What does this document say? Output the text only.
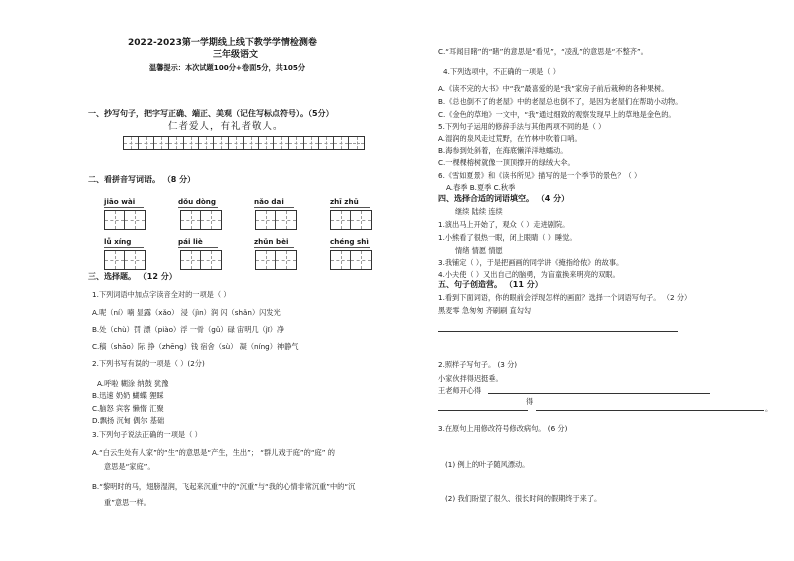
2022-2023第一学期线上线下教学学情检测卷
三年级语文
温馨提示：本次试题100分+卷面5分，共105分
一、抄写句子，把字写正确、端正、美观（记住写标点符号）。（5分）
仁者爱人，有礼者敬人。
二、看拼音写词语。 （8 分）
jiāo wài	dǒu dòng	nǎo dai	zhī zhū
lǚ xíng	pái liè	zhǔn bèi	chéng shì
三、选择题。 （12 分）
1.下列词语中加点字读音全对的一项是（ ）
A.呢（ní）喃 显露（xǎo） 浸（jìn）润 闪（shǎn）闪发光
B.处（chù）罚 漂（piào）浮 一骨（gǔ）碌 宙明几（jī）净
C.稿（shāo）际 挣（zhēng）钱 宿舍（sù） 凝（níng）神静气
2.下列书写有误的一项是（ ）(2分)
A.呼啦 糊涂 纳鼓 犹豫
B.迅速 奶奶 蝴蝶 狸睬
C.脑怒 宾客 懒惰 汇聚
D.飘扬 沉甸 偶尔 基础
3.下列句子说法正确的一项是（ ）
A.“白云生处有人家”的“生”的意思是“产生，生出”； “群儿戏于庭”的“庭” 的
意思是“家庭”。
B.“黎明时的马，翅膀湿润，飞起来沉重”中的“沉重”与“我的心情非常沉重”中的“沉
重”意思一样。
C.“耳闻目睹”的“睹”的意思是“看见”，“凌乱”的意思是“不整齐”。
4.下列选项中，不正确的一项是（ ）
A.《读不完的大书》中“我”最喜爱的是“我”家房子前后栽种的各种果树。
B.《总也倒不了的老屋》中的老屋总也倒不了，是因为老屋们在帮助小动物。
C.《金色的草地》一文中，“我”通过细致的观察发现早上的草地是金色的。
5.下列句子运用的修辞手法与其他两项不同的是（ ）
A.湿润的泉风走过荒野，在竹林中吹着口哨。
B.海参到处斜着，在海底懒洋洋地蠕动。
C.一棵棵榕树就像一顶顶撑开的绿绒大伞。
6.《雪如夏景》和《读书所见》描写的是一个季节的景色？（ ）
A.春季 B.夏季 C.秋季
四、选择合适的词语填空。 （4 分）
继续 陆续 连续
1.演出马上开始了，观众（ ）走进剧院。
1.小熊看了很热一眼，闭上眼睛（ ）睡觉。
情绪 情愿 情愿
3.我铺定（ ），于是把画画的同学讲《掩指给侬》的故事。
4.小夫使（ ）又出自己的脑勇，为盲童换来明亮的双眼。
五、句子创造营。 （11 分）
1.看到下面词语，你的眼前会浮现怎样的画面？选择一个词语写句子。 （2 分）
黑麦零 急匆匆 齐刷刷 直勾勾
2.照样子写句子。 (3 分)
小家伙拌得迟挺垂。
王老师开心得
得
。
3.在原句上用修改符号修改病句。 (6 分)
(1) 例上的叶子随风漂动。
(2) 我们盼望了很久、很长时间的假期终于来了。
